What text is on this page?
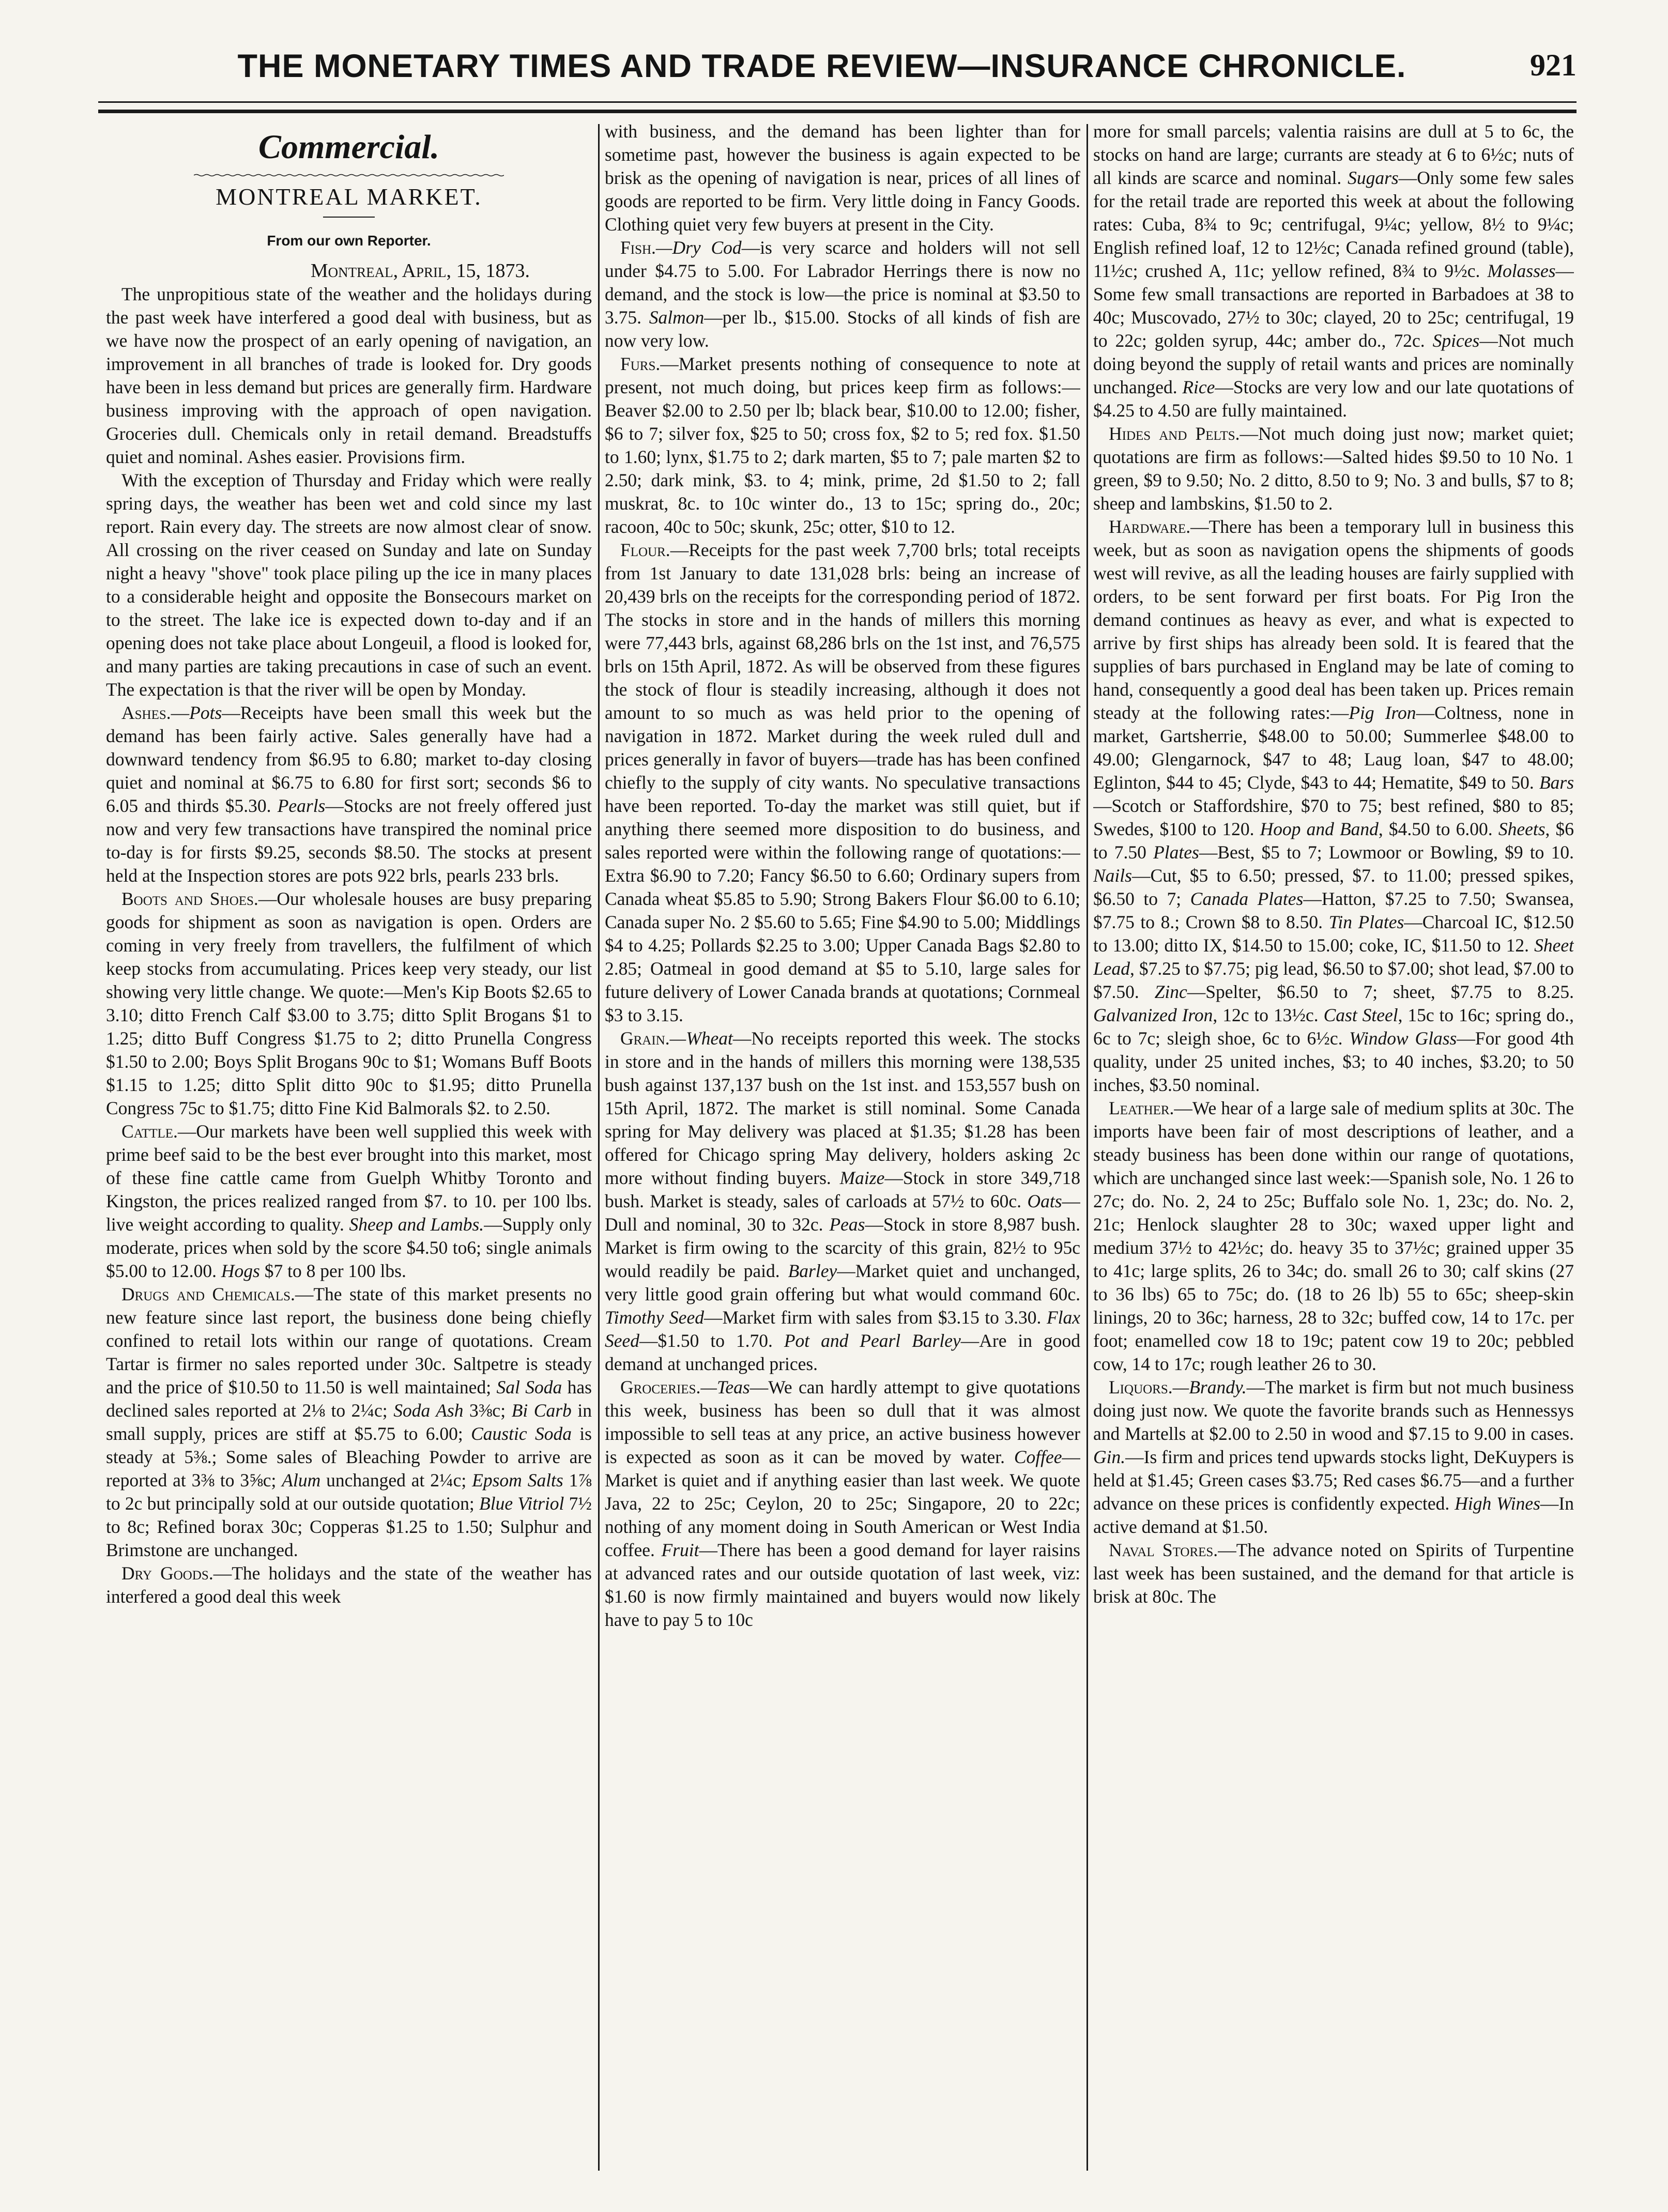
THE MONETARY TIMES AND TRADE REVIEW—INSURANCE CHRONICLE.	921
Commercial.
MONTREAL MARKET.
From our own Reporter.

Montreal, April, 15, 1873.

The unpropitious state of the weather and the holidays during the past week have interfered a good deal with business, but as we have now the prospect of an early opening of navigation, an improvement in all branches of trade is looked for. Dry goods have been in less demand but prices are generally firm. Hardware business improving with the approach of open navigation. Groceries dull. Chemicals only in retail demand. Breadstuffs quiet and nominal. Ashes easier. Provisions firm.

With the exception of Thursday and Friday which were really spring days, the weather has been wet and cold since my last report. Rain every day. The streets are now almost clear of snow. All crossing on the river ceased on Sunday and late on Sunday night a heavy "shove" took place piling up the ice in many places to a considerable height and opposite the Bonsecours market on to the street. The lake ice is expected down to-day and if an opening does not take place about Longeuil, a flood is looked for, and many parties are taking precautions in case of such an event. The expectation is that the river will be open by Monday.

Ashes.—Pots—Receipts have been small this week but the demand has been fairly active. Sales generally have had a downward tendency from $6.95 to 6.80; market to-day closing quiet and nominal at $6.75 to 6.80 for first sort; seconds $6 to 6.05 and thirds $5.30. Pearls—Stocks are not freely offered just now and very few transactions have transpired the nominal price to-day is for firsts $9.25, seconds $8.50. The stocks at present held at the Inspection stores are pots 922 brls, pearls 233 brls.

Boots and Shoes.—Our wholesale houses are busy preparing goods for shipment as soon as navigation is open. Orders are coming in very freely from travellers, the fulfilment of which keep stocks from accumulating. Prices keep very steady, our list showing very little change. We quote:—Men's Kip Boots $2.65 to 3.10; ditto French Calf $3.00 to 3.75; ditto Split Brogans $1 to 1.25; ditto Buff Congress $1.75 to 2; ditto Prunella Congress $1.50 to 2.00; Boys Split Brogans 90c to $1; Womans Buff Boots $1.15 to 1.25; ditto Split ditto 90c to $1.95; ditto Prunella Congress 75c to $1.75; ditto Fine Kid Balmorals $2. to 2.50.

Cattle.—Our markets have been well supplied this week with prime beef said to be the best ever brought into this market, most of these fine cattle came from Guelph Whitby Toronto and Kingston, the prices realized ranged from $7. to 10. per 100 lbs. live weight according to quality. Sheep and Lambs.—Supply only moderate, prices when sold by the score $4.50 to6; single animals $5.00 to 12.00. Hogs $7 to 8 per 100 lbs.

Drugs and Chemicals.—The state of this market presents no new feature since last report, the business done being chiefly confined to retail lots within our range of quotations. Cream Tartar is firmer no sales reported under 30c. Saltpetre is steady and the price of $10.50 to 11.50 is well maintained; Sal Soda has declined sales reported at 2⅛ to 2¼c; Soda Ash 3⅜c; Bi Carb in small supply, prices are stiff at $5.75 to 6.00; Caustic Soda is steady at 5⅜.; Some sales of Bleaching Powder to arrive are reported at 3⅜ to 3⅝c; Alum unchanged at 2¼c; Epsom Salts 1⅞ to 2c but principally sold at our outside quotation; Blue Vitriol 7½ to 8c; Refined borax 30c; Copperas $1.25 to 1.50; Sulphur and Brimstone are unchanged.

Dry Goods.—The holidays and the state of the weather has interfered a good deal this week

with business, and the demand has been lighter than for sometime past, however the business is again expected to be brisk as the opening of navigation is near, prices of all lines of goods are reported to be firm. Very little doing in Fancy Goods. Clothing quiet very few buyers at present in the City.

Fish.—Dry Cod—is very scarce and holders will not sell under $4.75 to 5.00. For Labrador Herrings there is now no demand, and the stock is low—the price is nominal at $3.50 to 3.75. Salmon—per lb., $15.00. Stocks of all kinds of fish are now very low.

Furs.—Market presents nothing of consequence to note at present, not much doing, but prices keep firm as follows:—Beaver $2.00 to 2.50 per lb; black bear, $10.00 to 12.00; fisher, $6 to 7; silver fox, $25 to 50; cross fox, $2 to 5; red fox. $1.50 to 1.60; lynx, $1.75 to 2; dark marten, $5 to 7; pale marten $2 to 2.50; dark mink, $3. to 4; mink, prime, 2d $1.50 to 2; fall muskrat, 8c. to 10c winter do., 13 to 15c; spring do., 20c; racoon, 40c to 50c; skunk, 25c; otter, $10 to 12.

Flour.—Receipts for the past week 7,700 brls; total receipts from 1st January to date 131,028 brls: being an increase of 20,439 brls on the receipts for the corresponding period of 1872. The stocks in store and in the hands of millers this morning were 77,443 brls, against 68,286 brls on the 1st inst, and 76,575 brls on 15th April, 1872. As will be observed from these figures the stock of flour is steadily increasing, although it does not amount to so much as was held prior to the opening of navigation in 1872. Market during the week ruled dull and prices generally in favor of buyers—trade has has been confined chiefly to the supply of city wants. No speculative transactions have been reported. To-day the market was still quiet, but if anything there seemed more disposition to do business, and sales reported were within the following range of quotations:—Extra $6.90 to 7.20; Fancy $6.50 to 6.60; Ordinary supers from Canada wheat $5.85 to 5.90; Strong Bakers Flour $6.00 to 6.10; Canada super No. 2 $5.60 to 5.65; Fine $4.90 to 5.00; Middlings $4 to 4.25; Pollards $2.25 to 3.00; Upper Canada Bags $2.80 to 2.85; Oatmeal in good demand at $5 to 5.10, large sales for future delivery of Lower Canada brands at quotations; Cornmeal $3 to 3.15.

Grain.—Wheat—No receipts reported this week. The stocks in store and in the hands of millers this morning were 138,535 bush against 137,137 bush on the 1st inst. and 153,557 bush on 15th April, 1872. The market is still nominal. Some Canada spring for May delivery was placed at $1.35; $1.28 has been offered for Chicago spring May delivery, holders asking 2c more without finding buyers. Maize—Stock in store 349,718 bush. Market is steady, sales of carloads at 57½ to 60c. Oats—Dull and nominal, 30 to 32c. Peas—Stock in store 8,987 bush. Market is firm owing to the scarcity of this grain, 82½ to 95c would readily be paid. Barley—Market quiet and unchanged, very little good grain offering but what would command 60c. Timothy Seed—Market firm with sales from $3.15 to 3.30. Flax Seed—$1.50 to 1.70. Pot and Pearl Barley—Are in good demand at unchanged prices.

Groceries.—Teas—We can hardly attempt to give quotations this week, business has been so dull that it was almost impossible to sell teas at any price, an active business however is expected as soon as it can be moved by water. Coffee—Market is quiet and if anything easier than last week. We quote Java, 22 to 25c; Ceylon, 20 to 25c; Singapore, 20 to 22c; nothing of any moment doing in South American or West India coffee. Fruit—There has been a good demand for layer raisins at advanced rates and our outside quotation of last week, viz: $1.60 is now firmly maintained and buyers would now likely have to pay 5 to 10c

more for small parcels; valentia raisins are dull at 5 to 6c, the stocks on hand are large; currants are steady at 6 to 6½c; nuts of all kinds are scarce and nominal. Sugars—Only some few sales for the retail trade are reported this week at about the following rates: Cuba, 8¾ to 9c; centrifugal, 9¼c; yellow, 8½ to 9¼c; English refined loaf, 12 to 12½c; Canada refined ground (table), 11½c; crushed A, 11c; yellow refined, 8¾ to 9½c. Molasses—Some few small transactions are reported in Barbadoes at 38 to 40c; Muscovado, 27½ to 30c; clayed, 20 to 25c; centrifugal, 19 to 22c; golden syrup, 44c; amber do., 72c. Spices—Not much doing beyond the supply of retail wants and prices are nominally unchanged. Rice—Stocks are very low and our late quotations of $4.25 to 4.50 are fully maintained.

Hides and Pelts.—Not much doing just now; market quiet; quotations are firm as follows:—Salted hides $9.50 to 10 No. 1 green, $9 to 9.50; No. 2 ditto, 8.50 to 9; No. 3 and bulls, $7 to 8; sheep and lambskins, $1.50 to 2.

Hardware.—There has been a temporary lull in business this week, but as soon as navigation opens the shipments of goods west will revive, as all the leading houses are fairly supplied with orders, to be sent forward per first boats. For Pig Iron the demand continues as heavy as ever, and what is expected to arrive by first ships has already been sold. It is feared that the supplies of bars purchased in England may be late of coming to hand, consequently a good deal has been taken up. Prices remain steady at the following rates:—Pig Iron—Coltness, none in market, Gartsherrie, $48.00 to 50.00; Summerlee $48.00 to 49.00; Glengarnock, $47 to 48; Laug loan, $47 to 48.00; Eglinton, $44 to 45; Clyde, $43 to 44; Hematite, $49 to 50. Bars—Scotch or Staffordshire, $70 to 75; best refined, $80 to 85; Swedes, $100 to 120. Hoop and Band, $4.50 to 6.00. Sheets, $6 to 7.50 Plates—Best, $5 to 7; Lowmoor or Bowling, $9 to 10. Nails—Cut, $5 to 6.50; pressed, $7. to 11.00; pressed spikes, $6.50 to 7; Canada Plates—Hatton, $7.25 to 7.50; Swansea, $7.75 to 8.; Crown $8 to 8.50. Tin Plates—Charcoal IC, $12.50 to 13.00; ditto IX, $14.50 to 15.00; coke, IC, $11.50 to 12. Sheet Lead, $7.25 to $7.75; pig lead, $6.50 to $7.00; shot lead, $7.00 to $7.50. Zinc—Spelter, $6.50 to 7; sheet, $7.75 to 8.25. Galvanized Iron, 12c to 13½c. Cast Steel, 15c to 16c; spring do., 6c to 7c; sleigh shoe, 6c to 6½c. Window Glass—For good 4th quality, under 25 united inches, $3; to 40 inches, $3.20; to 50 inches, $3.50 nominal.

Leather.—We hear of a large sale of medium splits at 30c. The imports have been fair of most descriptions of leather, and a steady business has been done within our range of quotations, which are unchanged since last week:—Spanish sole, No. 1 26 to 27c; do. No. 2, 24 to 25c; Buffalo sole No. 1, 23c; do. No. 2, 21c; Henlock slaughter 28 to 30c; waxed upper light and medium 37½ to 42½c; do. heavy 35 to 37½c; grained upper 35 to 41c; large splits, 26 to 34c; do. small 26 to 30; calf skins (27 to 36 lbs) 65 to 75c; do. (18 to 26 lb) 55 to 65c; sheep-skin linings, 20 to 36c; harness, 28 to 32c; buffed cow, 14 to 17c. per foot; enamelled cow 18 to 19c; patent cow 19 to 20c; pebbled cow, 14 to 17c; rough leather 26 to 30.

Liquors.—Brandy.—The market is firm but not much business doing just now. We quote the favorite brands such as Hennessys and Martells at $2.00 to 2.50 in wood and $7.15 to 9.00 in cases. Gin.—Is firm and prices tend upwards stocks light, DeKuypers is held at $1.45; Green cases $3.75; Red cases $6.75—and a further advance on these prices is confidently expected. High Wines—In active demand at $1.50.

Naval Stores.—The advance noted on Spirits of Turpentine last week has been sustained, and the demand for that article is brisk at 80c. The
